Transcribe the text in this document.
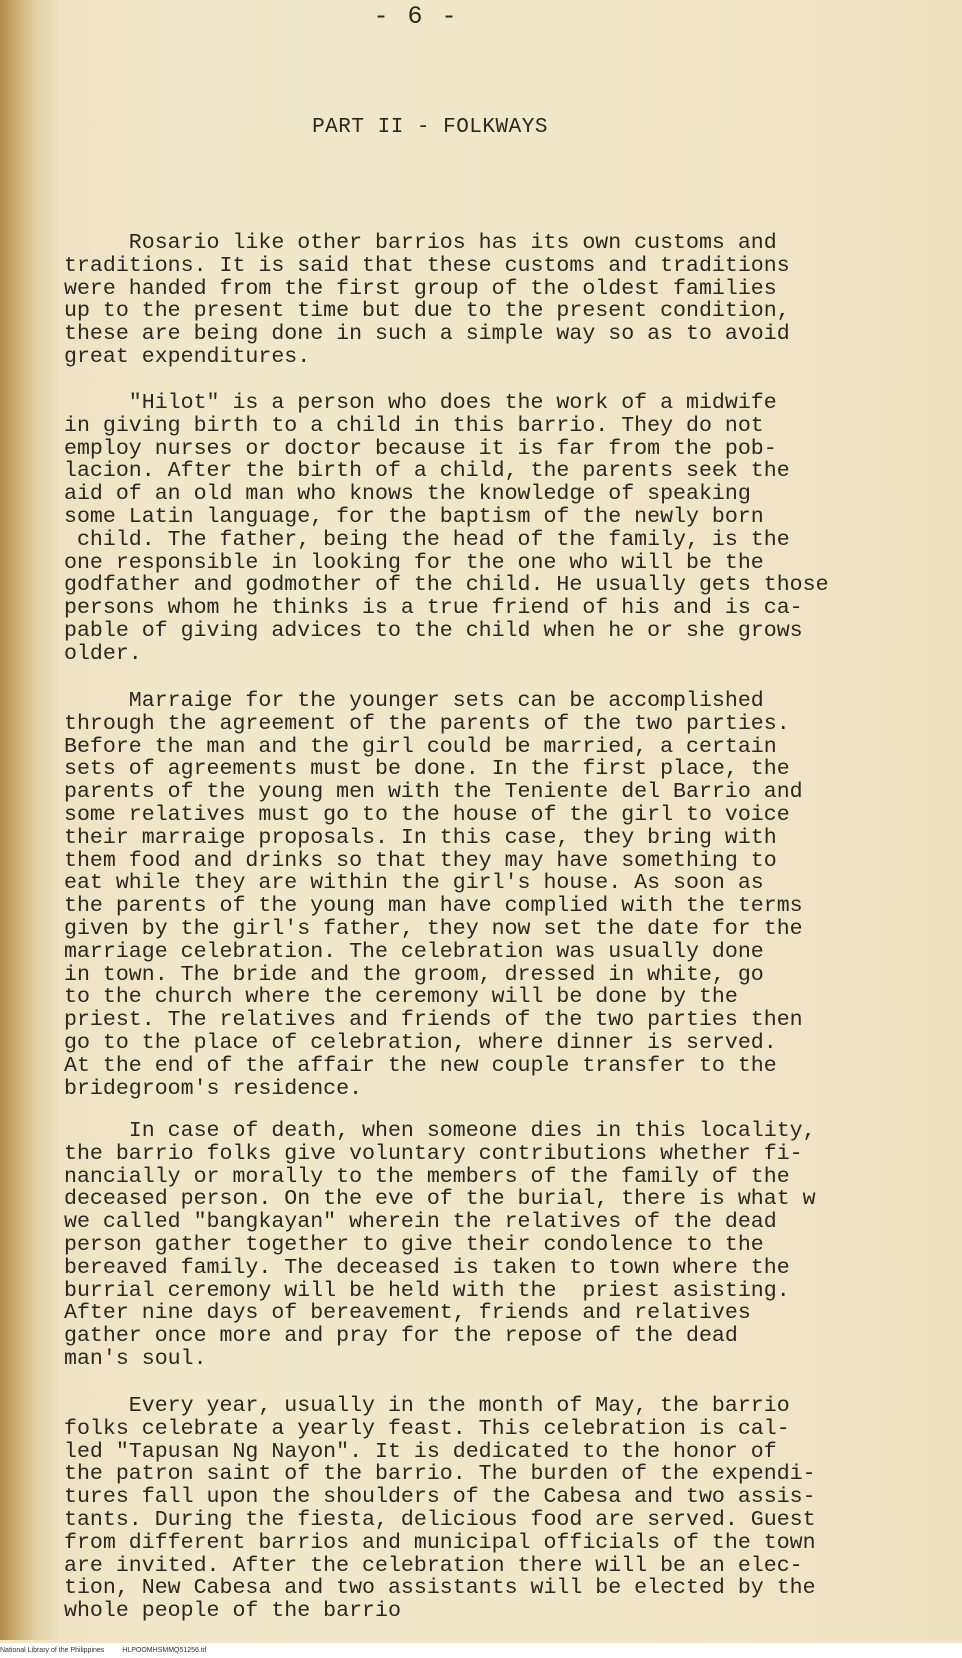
- 6 -
PART II - FOLKWAYS
Rosario like other barrios has its own customs and
traditions. It is said that these customs and traditions
were handed from the first group of the oldest families
up to the present time but due to the present condition,
these are being done in such a simple way so as to avoid
great expenditures.
"Hilot" is a person who does the work of a midwife
in giving birth to a child in this barrio. They do not
employ nurses or doctor because it is far from the pob-
lacion. After the birth of a child, the parents seek the
aid of an old man who knows the knowledge of speaking
some Latin language, for the baptism of the newly born
child. The father, being the head of the family, is the
one responsible in looking for the one who will be the
godfather and godmother of the child. He usually gets those
persons whom he thinks is a true friend of his and is ca-
pable of giving advices to the child when he or she grows
older.
Marraige for the younger sets can be accomplished
through the agreement of the parents of the two parties.
Before the man and the girl could be married, a certain
sets of agreements must be done. In the first place, the
parents of the young men with the Teniente del Barrio and
some relatives must go to the house of the girl to voice
their marraige proposals. In this case, they bring with
them food and drinks so that they may have something to
eat while they are within the girl's house. As soon as
the parents of the young man have complied with the terms
given by the girl's father, they now set the date for the
marriage celebration. The celebration was usually done
in town. The bride and the groom, dressed in white, go
to the church where the ceremony will be done by the
priest. The relatives and friends of the two parties then
go to the place of celebration, where dinner is served.
At the end of the affair the new couple transfer to the
bridegroom's residence.
In case of death, when someone dies in this locality,
the barrio folks give voluntary contributions whether fi-
nancially or morally to the members of the family of the
deceased person. On the eve of the burial, there is what w
we called "bangkayan" wherein the relatives of the dead
person gather together to give their condolence to the
bereaved family. The deceased is taken to town where the
burrial ceremony will be held with the  priest asisting.
After nine days of bereavement, friends and relatives
gather once more and pray for the repose of the dead
man's soul.
Every year, usually in the month of May, the barrio
folks celebrate a yearly feast. This celebration is cal-
led "Tapusan Ng Nayon". It is dedicated to the honor of
the patron saint of the barrio. The burden of the expendi-
tures fall upon the shoulders of the Cabesa and two assis-
tants. During the fiesta, delicious food are served. Guest
from different barrios and municipal officials of the town
are invited. After the celebration there will be an elec-
tion, New Cabesa and two assistants will be elected by the
whole people of the barrio
National Library of the Philippines	HLPOOMHSMMQ51256.tif
